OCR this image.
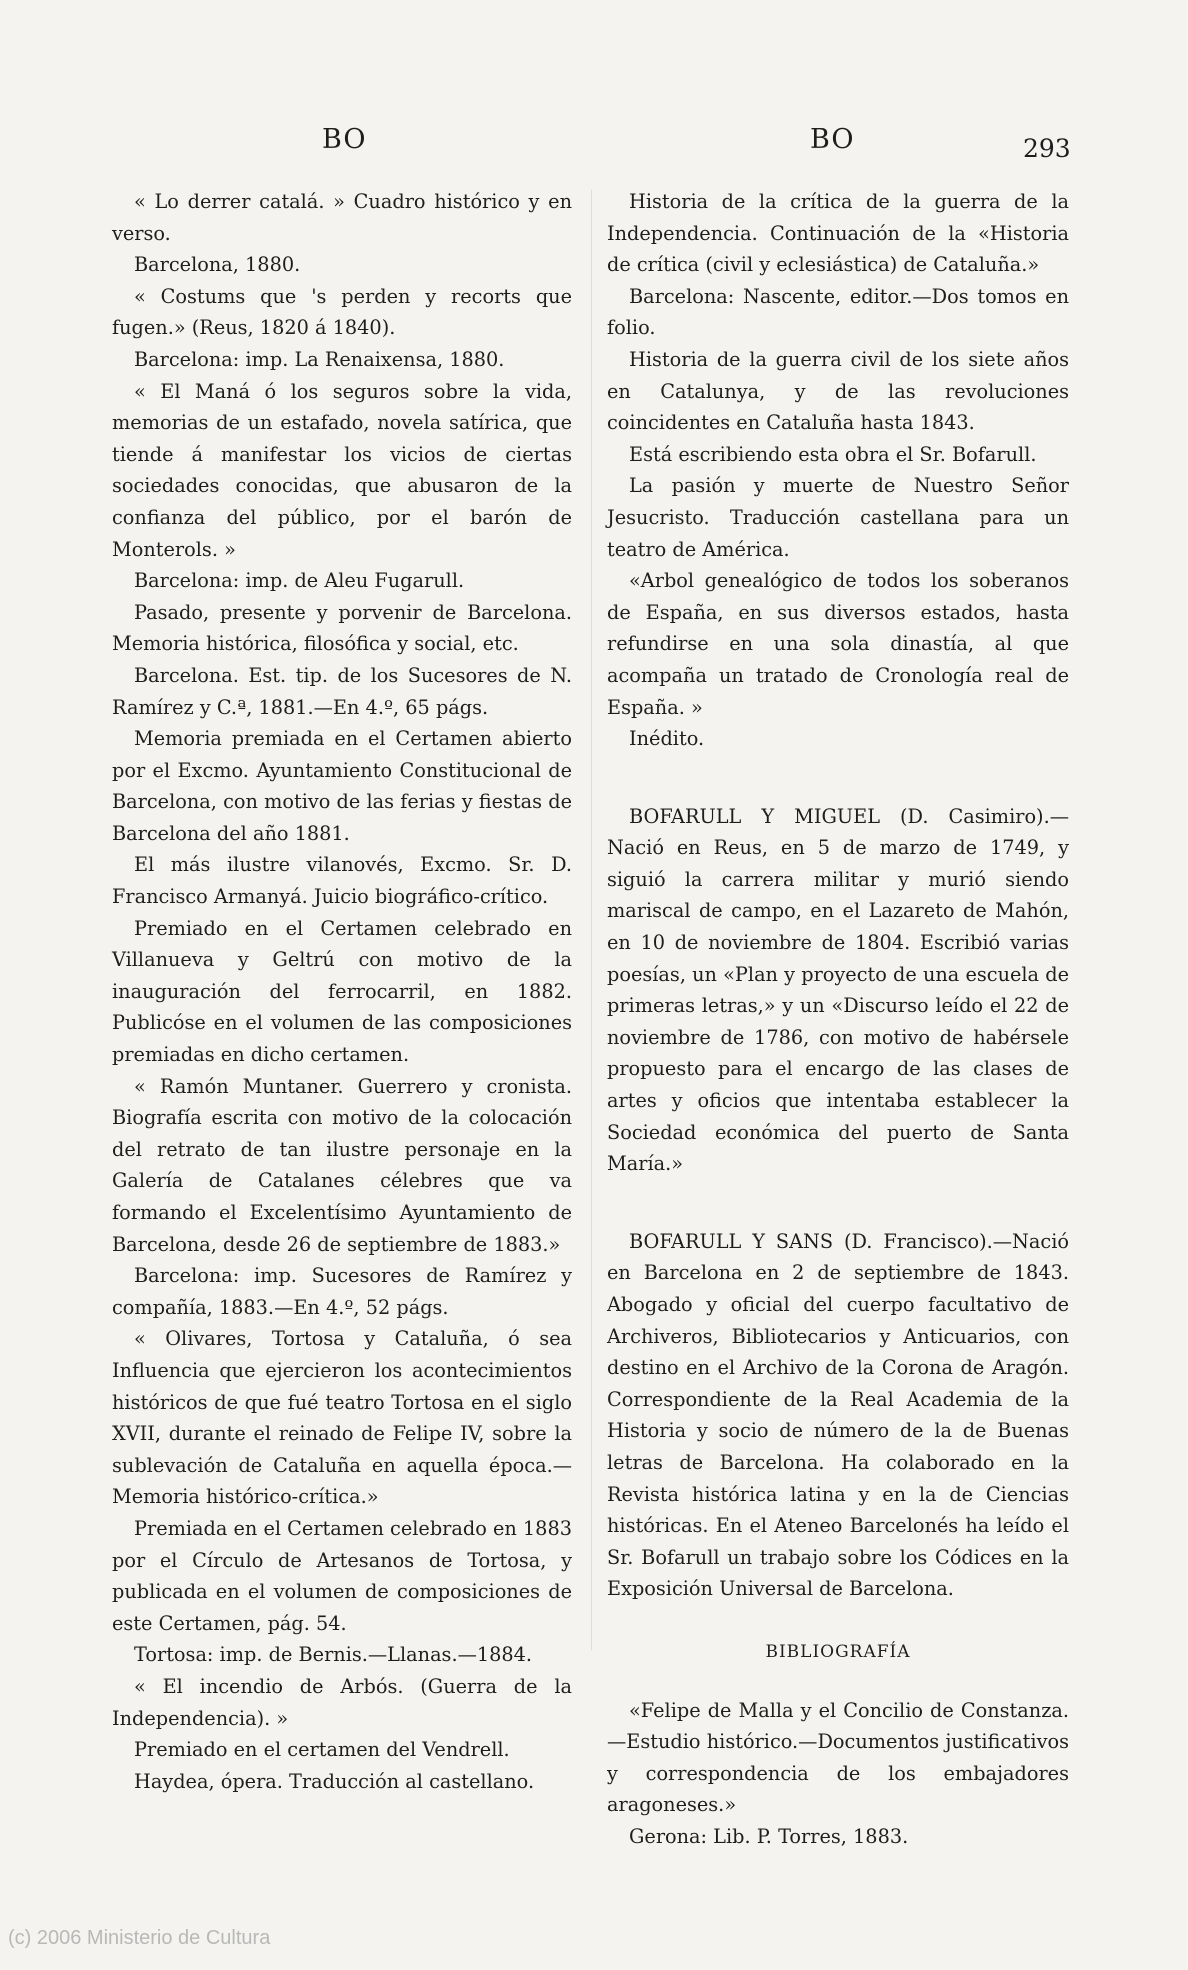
BO	BO	293

« Lo derrer catalá. » Cuadro histórico y en verso.

Barcelona, 1880.

« Costums que 's perden y recorts que fugen.» (Reus, 1820 á 1840).

Barcelona: imp. La Renaixensa, 1880.

« El Maná ó los seguros sobre la vida, memorias de un estafado, novela satírica, que tiende á manifestar los vicios de ciertas sociedades conocidas, que abusaron de la confianza del público, por el barón de Monterols. »

Barcelona: imp. de Aleu Fugarull.

Pasado, presente y porvenir de Barcelona. Memoria histórica, filosófica y social, etc.

Barcelona. Est. tip. de los Sucesores de N. Ramírez y C.ª, 1881.—En 4.º, 65 págs.

Memoria premiada en el Certamen abierto por el Excmo. Ayuntamiento Constitucional de Barcelona, con motivo de las ferias y fiestas de Barcelona del año 1881.

El más ilustre vilanovés, Excmo. Sr. D. Francisco Armanyá. Juicio biográfico-crítico.

Premiado en el Certamen celebrado en Villanueva y Geltrú con motivo de la inauguración del ferrocarril, en 1882. Publicóse en el volumen de las composiciones premiadas en dicho certamen.

« Ramón Muntaner. Guerrero y cronista. Biografía escrita con motivo de la colocación del retrato de tan ilustre personaje en la Galería de Catalanes célebres que va formando el Excelentísimo Ayuntamiento de Barcelona, desde 26 de septiembre de 1883.»

Barcelona: imp. Sucesores de Ramírez y compañía, 1883.—En 4.º, 52 págs.

« Olivares, Tortosa y Cataluña, ó sea Influencia que ejercieron los acontecimientos históricos de que fué teatro Tortosa en el siglo XVII, durante el reinado de Felipe IV, sobre la sublevación de Cataluña en aquella época.—Memoria histórico-crítica.»

Premiada en el Certamen celebrado en 1883 por el Círculo de Artesanos de Tortosa, y publicada en el volumen de composiciones de este Certamen, pág. 54.

Tortosa: imp. de Bernis.—Llanas.—1884.

« El incendio de Arbós. (Guerra de la Independencia). »

Premiado en el certamen del Vendrell.

Haydea, ópera. Traducción al castellano.

Historia de la crítica de la guerra de la Independencia. Continuación de la «Historia de crítica (civil y eclesiástica) de Cataluña.»

Barcelona: Nascente, editor.—Dos tomos en folio.

Historia de la guerra civil de los siete años en Catalunya, y de las revoluciones coincidentes en Cataluña hasta 1843.

Está escribiendo esta obra el Sr. Bofarull.

La pasión y muerte de Nuestro Señor Jesucristo. Traducción castellana para un teatro de América.

«Arbol genealógico de todos los soberanos de España, en sus diversos estados, hasta refundirse en una sola dinastía, al que acompaña un tratado de Cronología real de España. »

Inédito.

BOFARULL Y MIGUEL (D. Casimiro).—Nació en Reus, en 5 de marzo de 1749, y siguió la carrera militar y murió siendo mariscal de campo, en el Lazareto de Mahón, en 10 de noviembre de 1804. Escribió varias poesías, un «Plan y proyecto de una escuela de primeras letras,» y un «Discurso leído el 22 de noviembre de 1786, con motivo de habérsele propuesto para el encargo de las clases de artes y oficios que intentaba establecer la Sociedad económica del puerto de Santa María.»

BOFARULL Y SANS (D. Francisco).—Nació en Barcelona en 2 de septiembre de 1843. Abogado y oficial del cuerpo facultativo de Archiveros, Bibliotecarios y Anticuarios, con destino en el Archivo de la Corona de Aragón. Correspondiente de la Real Academia de la Historia y socio de número de la de Buenas letras de Barcelona. Ha colaborado en la Revista histórica latina y en la de Ciencias históricas. En el Ateneo Barcelonés ha leído el Sr. Bofarull un trabajo sobre los Códices en la Exposición Universal de Barcelona.

BIBLIOGRAFÍA

«Felipe de Malla y el Concilio de Constanza. —Estudio histórico.—Documentos justificativos y correspondencia de los embajadores aragoneses.»

Gerona: Lib. P. Torres, 1883.

(c) 2006 Ministerio de Cultura
